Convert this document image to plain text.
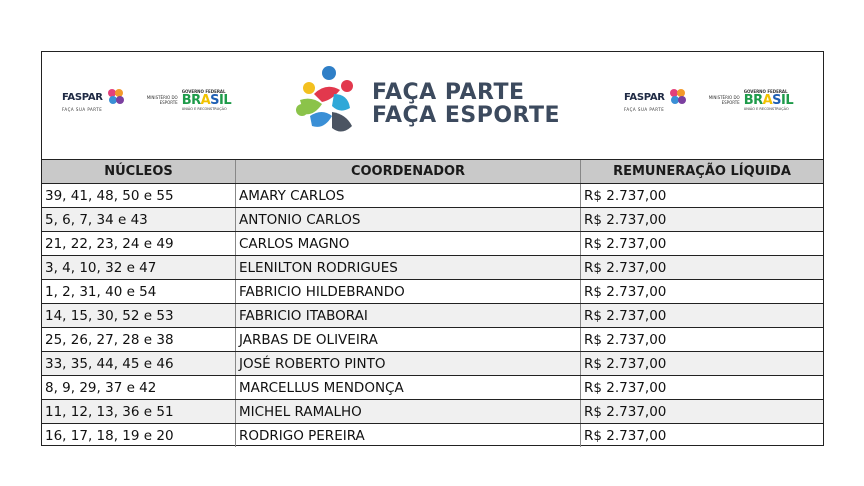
FASPAR
FAÇA SUA PARTE
MINISTÉRIO DO ESPORTE
GOVERNO FEDERAL
BRASIL
UNIÃO E RECONSTRUÇÃO
FAÇA PARTE
FAÇA ESPORTE
FASPAR
FAÇA SUA PARTE
MINISTÉRIO DO ESPORTE
GOVERNO FEDERAL
BRASIL
UNIÃO E RECONSTRUÇÃO
NÚCLEOS	COORDENADOR	REMUNERAÇÃO LÍQUIDA
39, 41, 48, 50 e 55	AMARY CARLOS	R$ 2.737,00
5, 6, 7, 34 e 43	ANTONIO CARLOS	R$ 2.737,00
21, 22, 23, 24 e 49	CARLOS MAGNO	R$ 2.737,00
3, 4, 10, 32 e 47	ELENILTON RODRIGUES	R$ 2.737,00
1, 2, 31, 40 e 54	FABRICIO HILDEBRANDO	R$ 2.737,00
14, 15, 30, 52 e 53	FABRICIO ITABORAI	R$ 2.737,00
25, 26, 27, 28 e 38	JARBAS DE OLIVEIRA	R$ 2.737,00
33, 35, 44, 45 e 46	JOSÉ ROBERTO PINTO	R$ 2.737,00
8, 9, 29, 37 e 42	MARCELLUS MENDONÇA	R$ 2.737,00
11, 12, 13, 36 e 51	MICHEL RAMALHO	R$ 2.737,00
16, 17, 18, 19 e 20	RODRIGO PEREIRA	R$ 2.737,00
